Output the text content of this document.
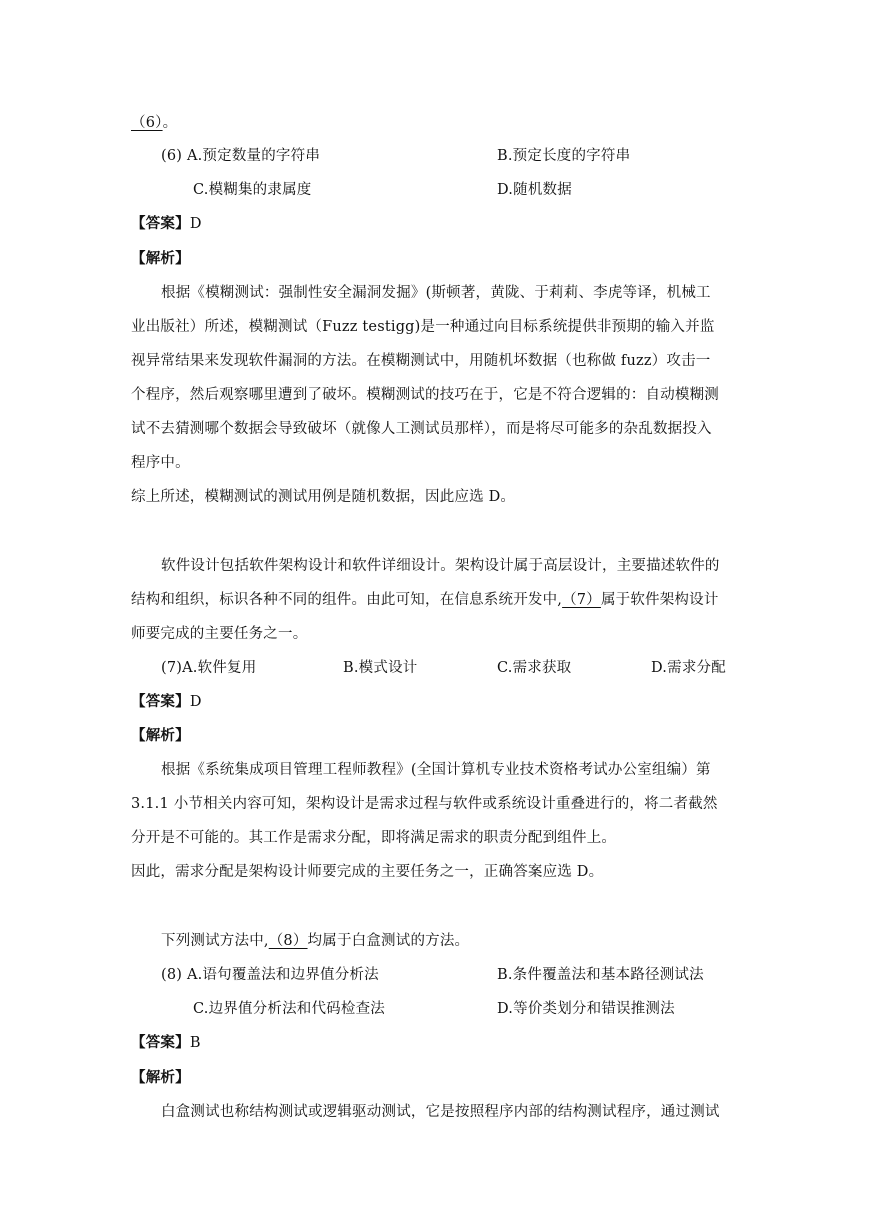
（6）。
(6) A.预定数量的字符串	B.预定长度的字符串
C.模糊集的隶属度	D.随机数据
【答案】D
【解析】
根据《模糊测试：强制性安全漏洞发掘》(斯顿著，黄陇、于莉莉、李虎等译，机械工
业出版社）所述，模糊测试（Fuzz testigg)是一种通过向目标系统提供非预期的输入并监
视异常结果来发现软件漏洞的方法。在模糊测试中，用随机坏数据（也称做 fuzz）攻击一
个程序，然后观察哪里遭到了破坏。模糊测试的技巧在于，它是不符合逻辑的：自动模糊测
试不去猜测哪个数据会导致破坏（就像人工测试员那样），而是将尽可能多的杂乱数据投入
程序中。
综上所述，模糊测试的测试用例是随机数据，因此应选 D。
软件设计包括软件架构设计和软件详细设计。架构设计属于高层设计，主要描述软件的
结构和组织，标识各种不同的组件。由此可知，在信息系统开发中,（7）属于软件架构设计
师要完成的主要任务之一。
(7)A.软件复用	B.模式设计	C.需求获取	D.需求分配
【答案】D
【解析】
根据《系统集成项目管理工程师教程》(全国计算机专业技术资格考试办公室组编）第
3.1.1 小节相关内容可知，架构设计是需求过程与软件或系统设计重叠进行的，将二者截然
分开是不可能的。其工作是需求分配，即将满足需求的职责分配到组件上。
因此，需求分配是架构设计师要完成的主要任务之一，正确答案应选 D。
下列测试方法中,（8）均属于白盒测试的方法。
(8) A.语句覆盖法和边界值分析法	B.条件覆盖法和基本路径测试法
C.边界值分析法和代码检查法	D.等价类划分和错误推测法
【答案】B
【解析】
白盒测试也称结构测试或逻辑驱动测试，它是按照程序内部的结构测试程序，通过测试
